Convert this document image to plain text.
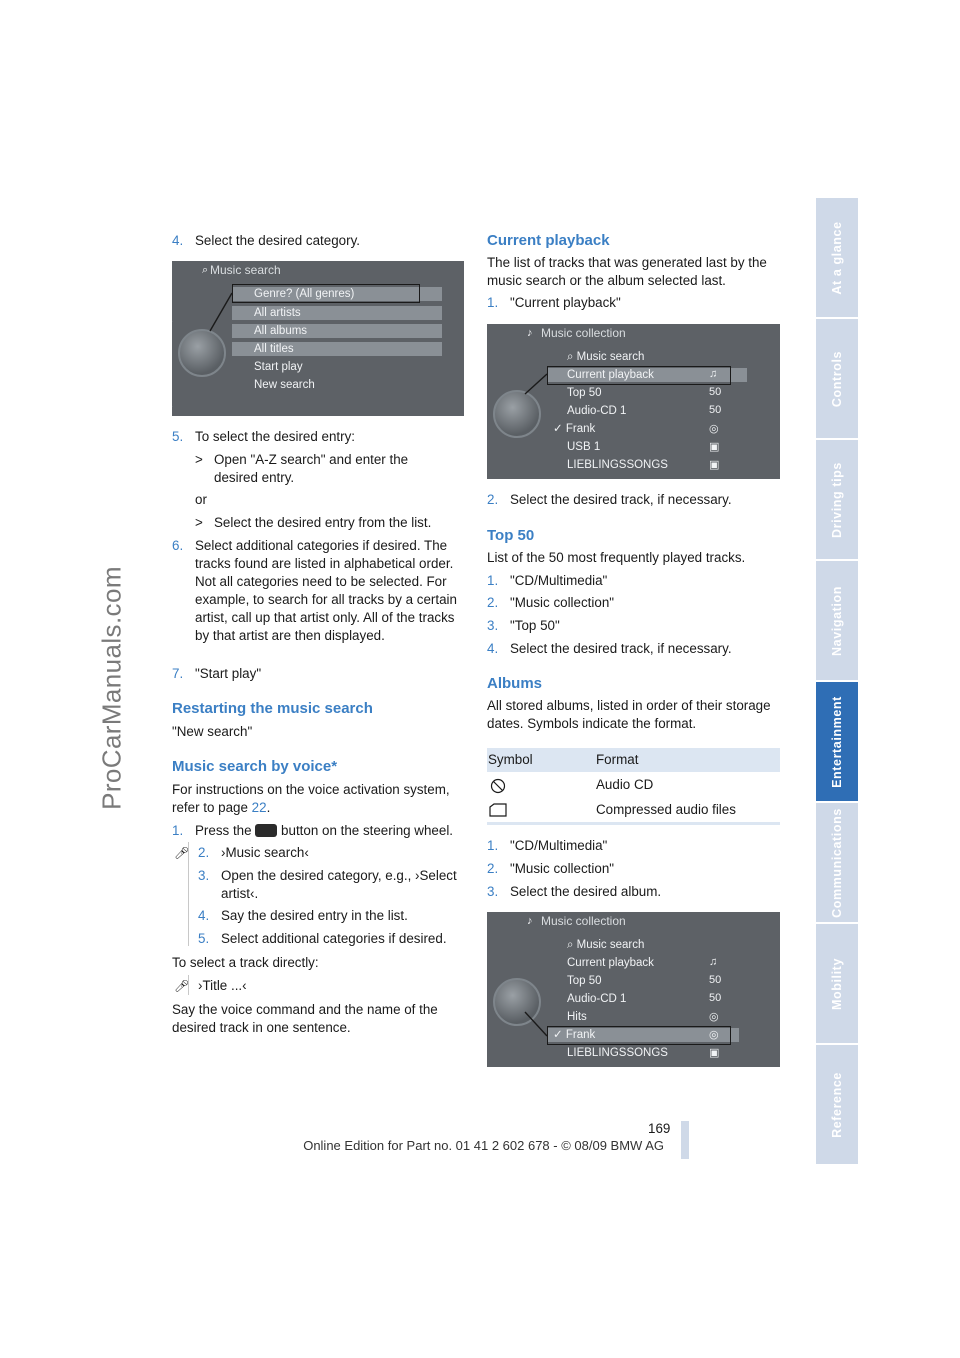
At a glance
Controls
Driving tips
Navigation
Entertainment
Communications
Mobility
Reference
ProCarManuals.com
4. Select the desired category.
⌕ Music search
Genre? (All genres)
All artists
All albums
All titles
Start play
New search
5. To select the desired entry:
> Open "A-Z search" and enter the desired entry.
or
> Select the desired entry from the list.
6. Select additional categories if desired. The tracks found are listed in alphabetical order. Not all categories need to be selected. For example, to search for all tracks by a certain artist, call up that artist only. All of the tracks by that artist are then displayed.
7. "Start play"
Restarting the music search
"New search"
Music search by voice*
For instructions on the voice activation system, refer to page 22.
1. Press the button on the steering wheel.
🎤︎ 2. ›Music search‹
3. Open the desired category, e.g., ›Select artist‹.
4. Say the desired entry in the list.
5. Select additional categories if desired.
To select a track directly:
🎤︎ ›Title ...‹
Say the voice command and the name of the desired track in one sentence.
Current playback
The list of tracks that was generated last by the music search or the album selected last.
1. "Current playback"
Music collection
♪
⌕ Music search
Current playback
Top 50
Audio-CD 1
✓ Frank
USB 1
LIEBLINGSSONGS
♫
50
50
◎
▣
▣
2. Select the desired track, if necessary.
Top 50
List of the 50 most frequently played tracks.
1. "CD/Multimedia"
2. "Music collection"
3. "Top 50"
4. Select the desired track, if necessary.
Albums
All stored albums, listed in order of their storage dates. Symbols indicate the format.
Symbol	Format
Audio CD
Compressed audio files
1. "CD/Multimedia"
2. "Music collection"
3. Select the desired album.
Music collection
♪
⌕ Music search
Current playback
Top 50
Audio-CD 1
Hits
✓ Frank
LIEBLINGSSONGS
♫
50
50
◎
◎
▣
169
Online Edition for Part no. 01 41 2 602 678 - © 08/09 BMW AG
